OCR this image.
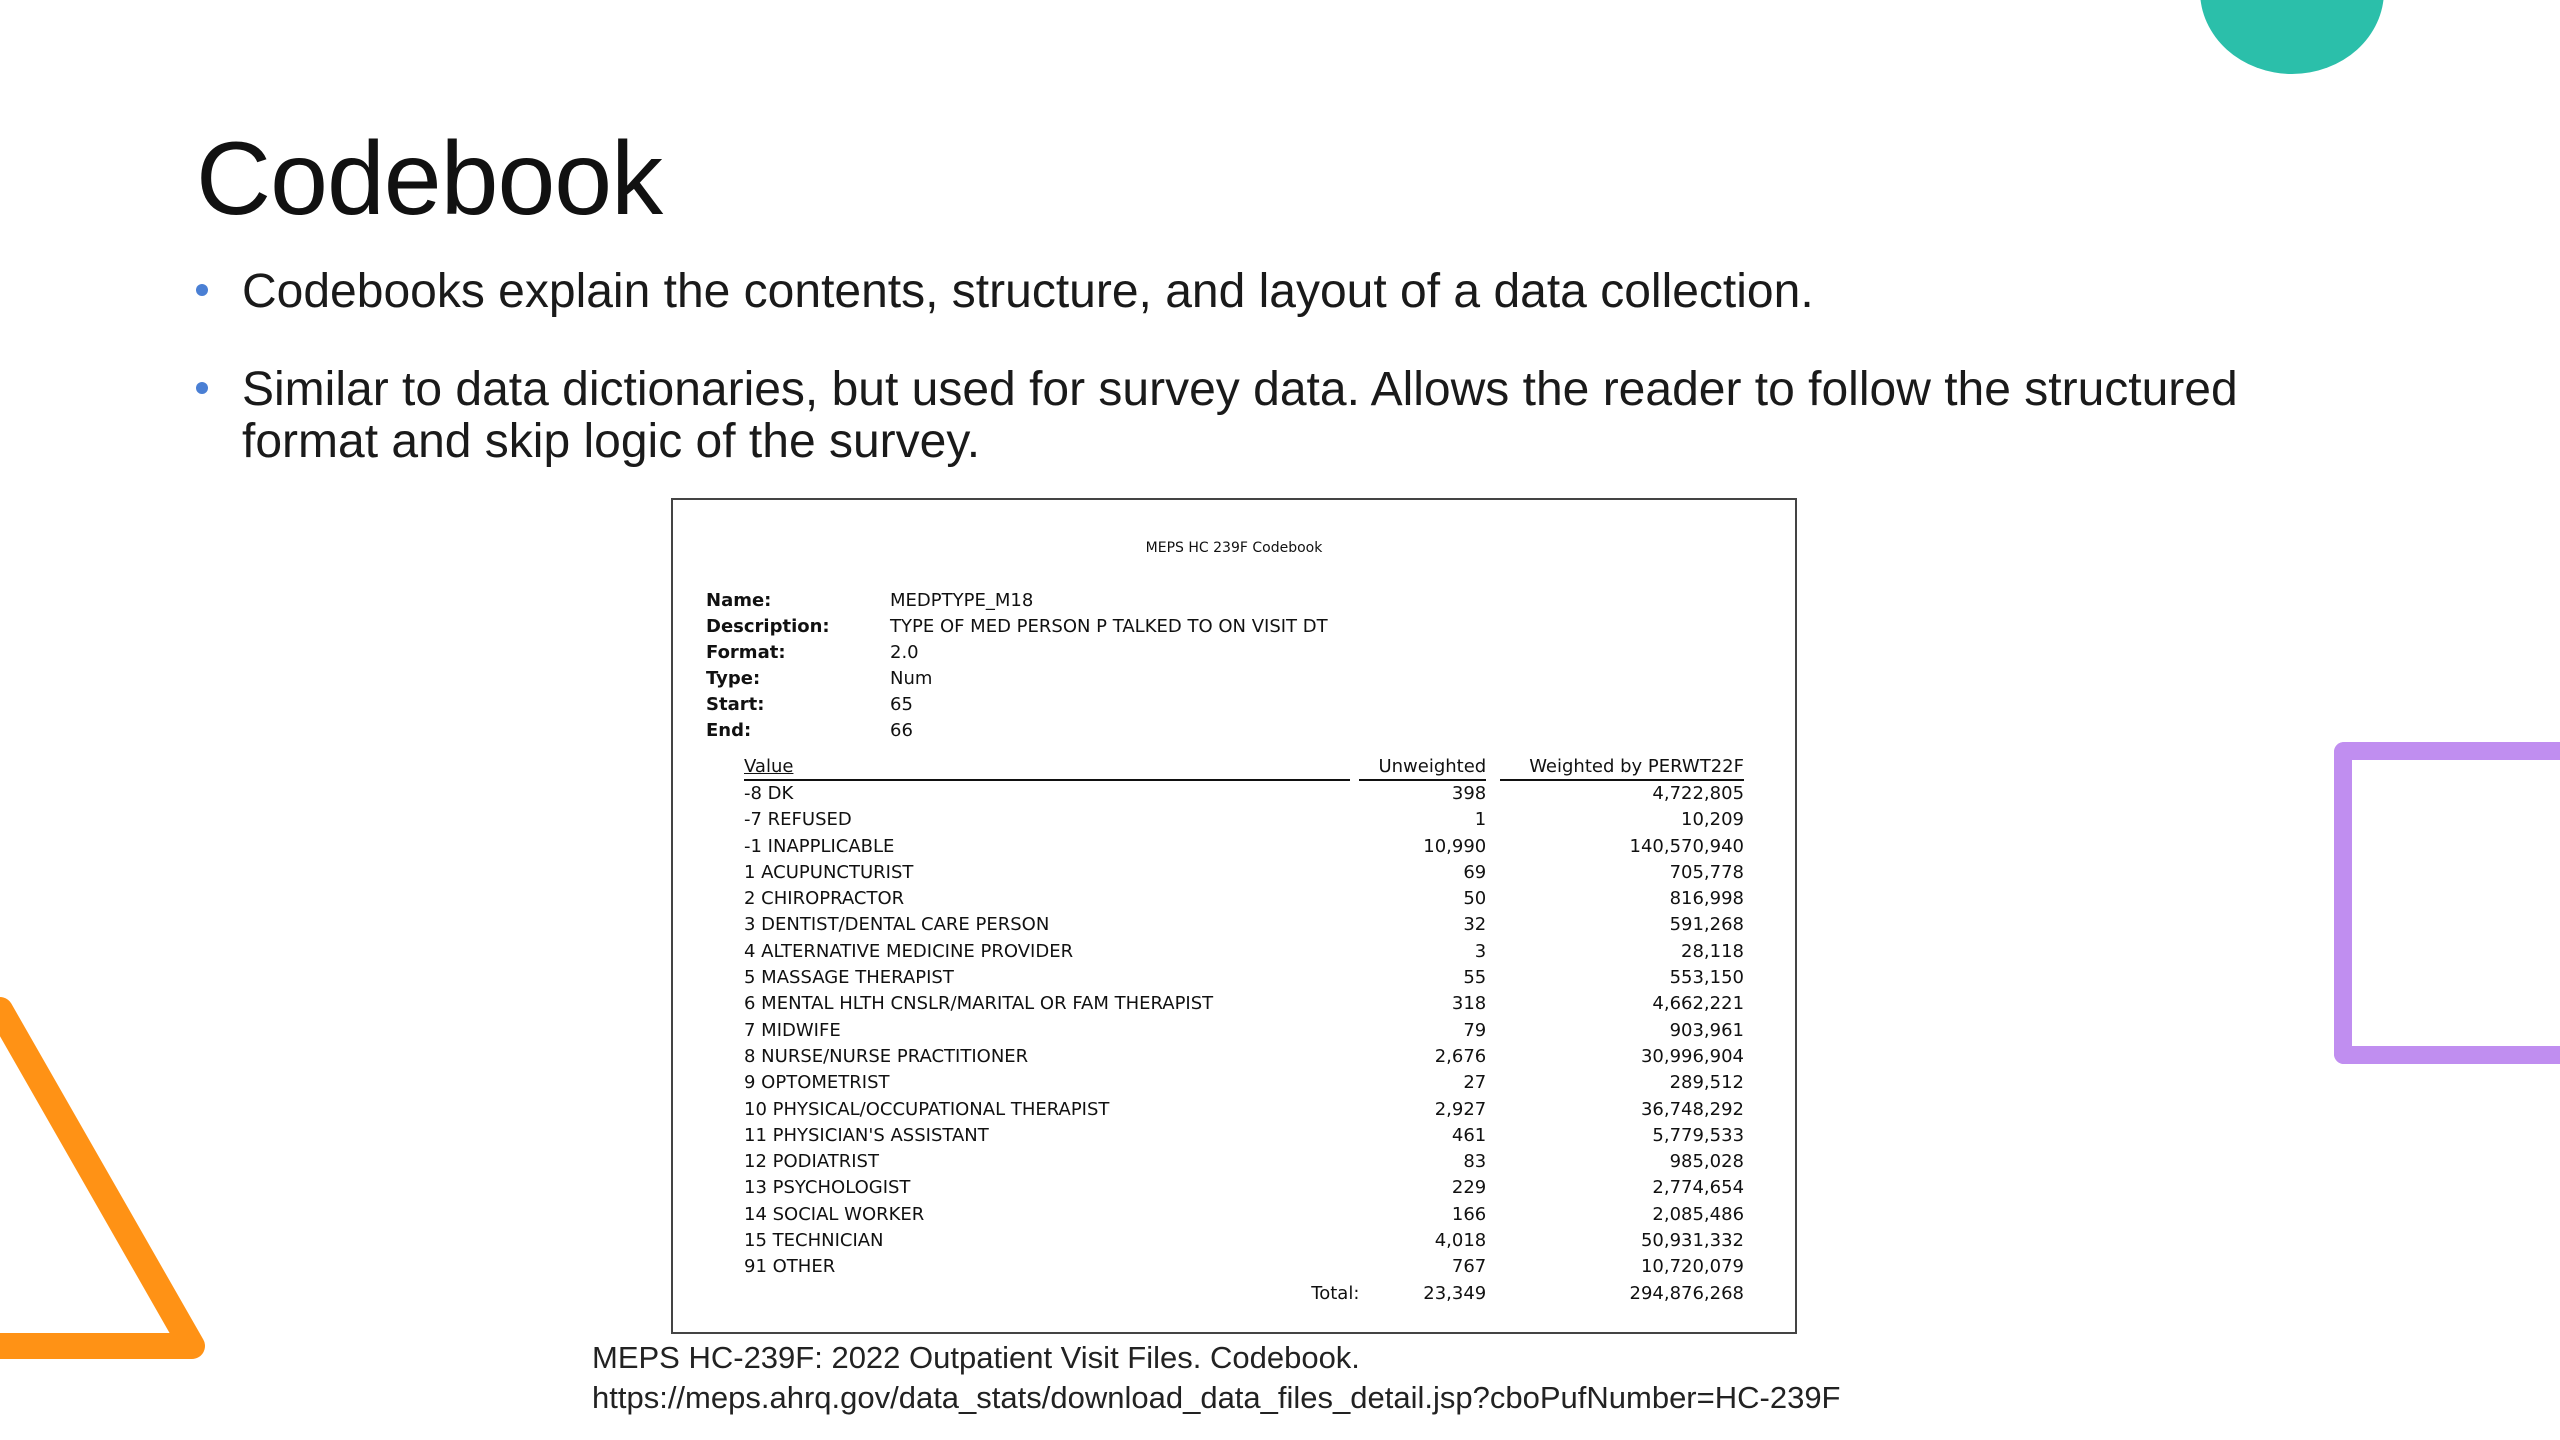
Codebook
Codebooks explain the contents, structure, and layout of a data collection.
Similar to data dictionaries, but used for survey data. Allows the reader to follow the structured format and skip logic of the survey.
MEPS HC 239F Codebook
Name:	MEDPTYPE_M18
Description:	TYPE OF MED PERSON P TALKED TO ON VISIT DT
Format:	2.0
Type:	Num
Start:	65
End:	66
Value	Unweighted	Weighted by PERWT22F
-8 DK	398	4,722,805
-7 REFUSED	1	10,209
-1 INAPPLICABLE	10,990	140,570,940
1 ACUPUNCTURIST	69	705,778
2 CHIROPRACTOR	50	816,998
3 DENTIST/DENTAL CARE PERSON	32	591,268
4 ALTERNATIVE MEDICINE PROVIDER	3	28,118
5 MASSAGE THERAPIST	55	553,150
6 MENTAL HLTH CNSLR/MARITAL OR FAM THERAPIST	318	4,662,221
7 MIDWIFE	79	903,961
8 NURSE/NURSE PRACTITIONER	2,676	30,996,904
9 OPTOMETRIST	27	289,512
10 PHYSICAL/OCCUPATIONAL THERAPIST	2,927	36,748,292
11 PHYSICIAN'S ASSISTANT	461	5,779,533
12 PODIATRIST	83	985,028
13 PSYCHOLOGIST	229	2,774,654
14 SOCIAL WORKER	166	2,085,486
15 TECHNICIAN	4,018	50,931,332
91 OTHER	767	10,720,079
Total:	23,349	294,876,268
MEPS HC-239F: 2022 Outpatient Visit Files. Codebook.
https://meps.ahrq.gov/data_stats/download_data_files_detail.jsp?cboPufNumber=HC-239F
